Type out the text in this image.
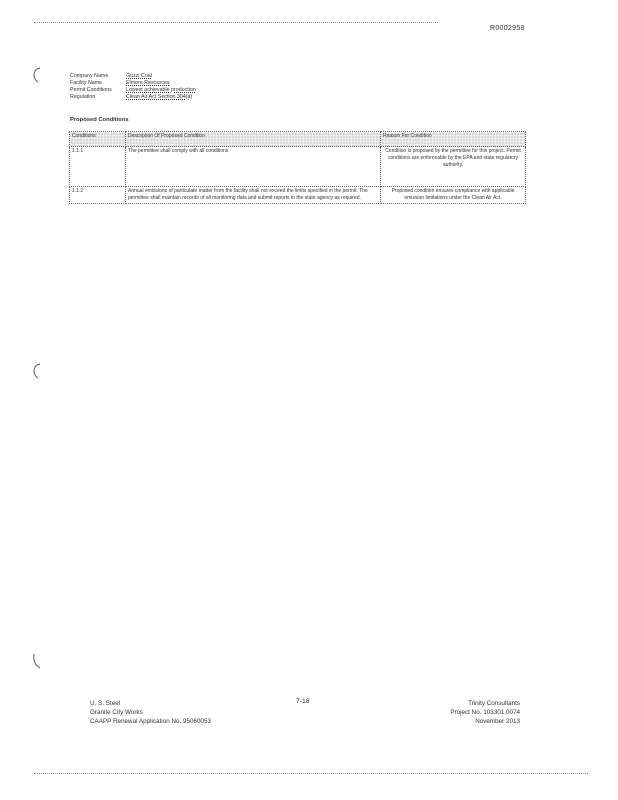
R0002958
Company Name	Guzzi Coal
Facility Name	Elmore Resources
Permit Conditions	Lowest achievable production
Regulation	Clean Air Act Section 304(a)
Proposed Conditions
Conditions	Description Of Proposed Condition	Reason For Condition
1.1.1	The permittee shall comply with all conditions	Condition is proposed by the permittee for this project. Permit conditions are enforceable by the EPA and state regulatory authority.
1.1.2	Annual emissions of particulate matter from the facility shall not exceed the limits specified in the permit. The permittee shall maintain records of all monitoring data and submit reports to the state agency as required.	Proposed condition ensures compliance with applicable emission limitations under the Clean Air Act.
U. S. Steel
Granite City Works
CAAPP Renewal Application No. 95060053
7-18	Trinity Consultants
Project No. 103301.0074
November 2013
